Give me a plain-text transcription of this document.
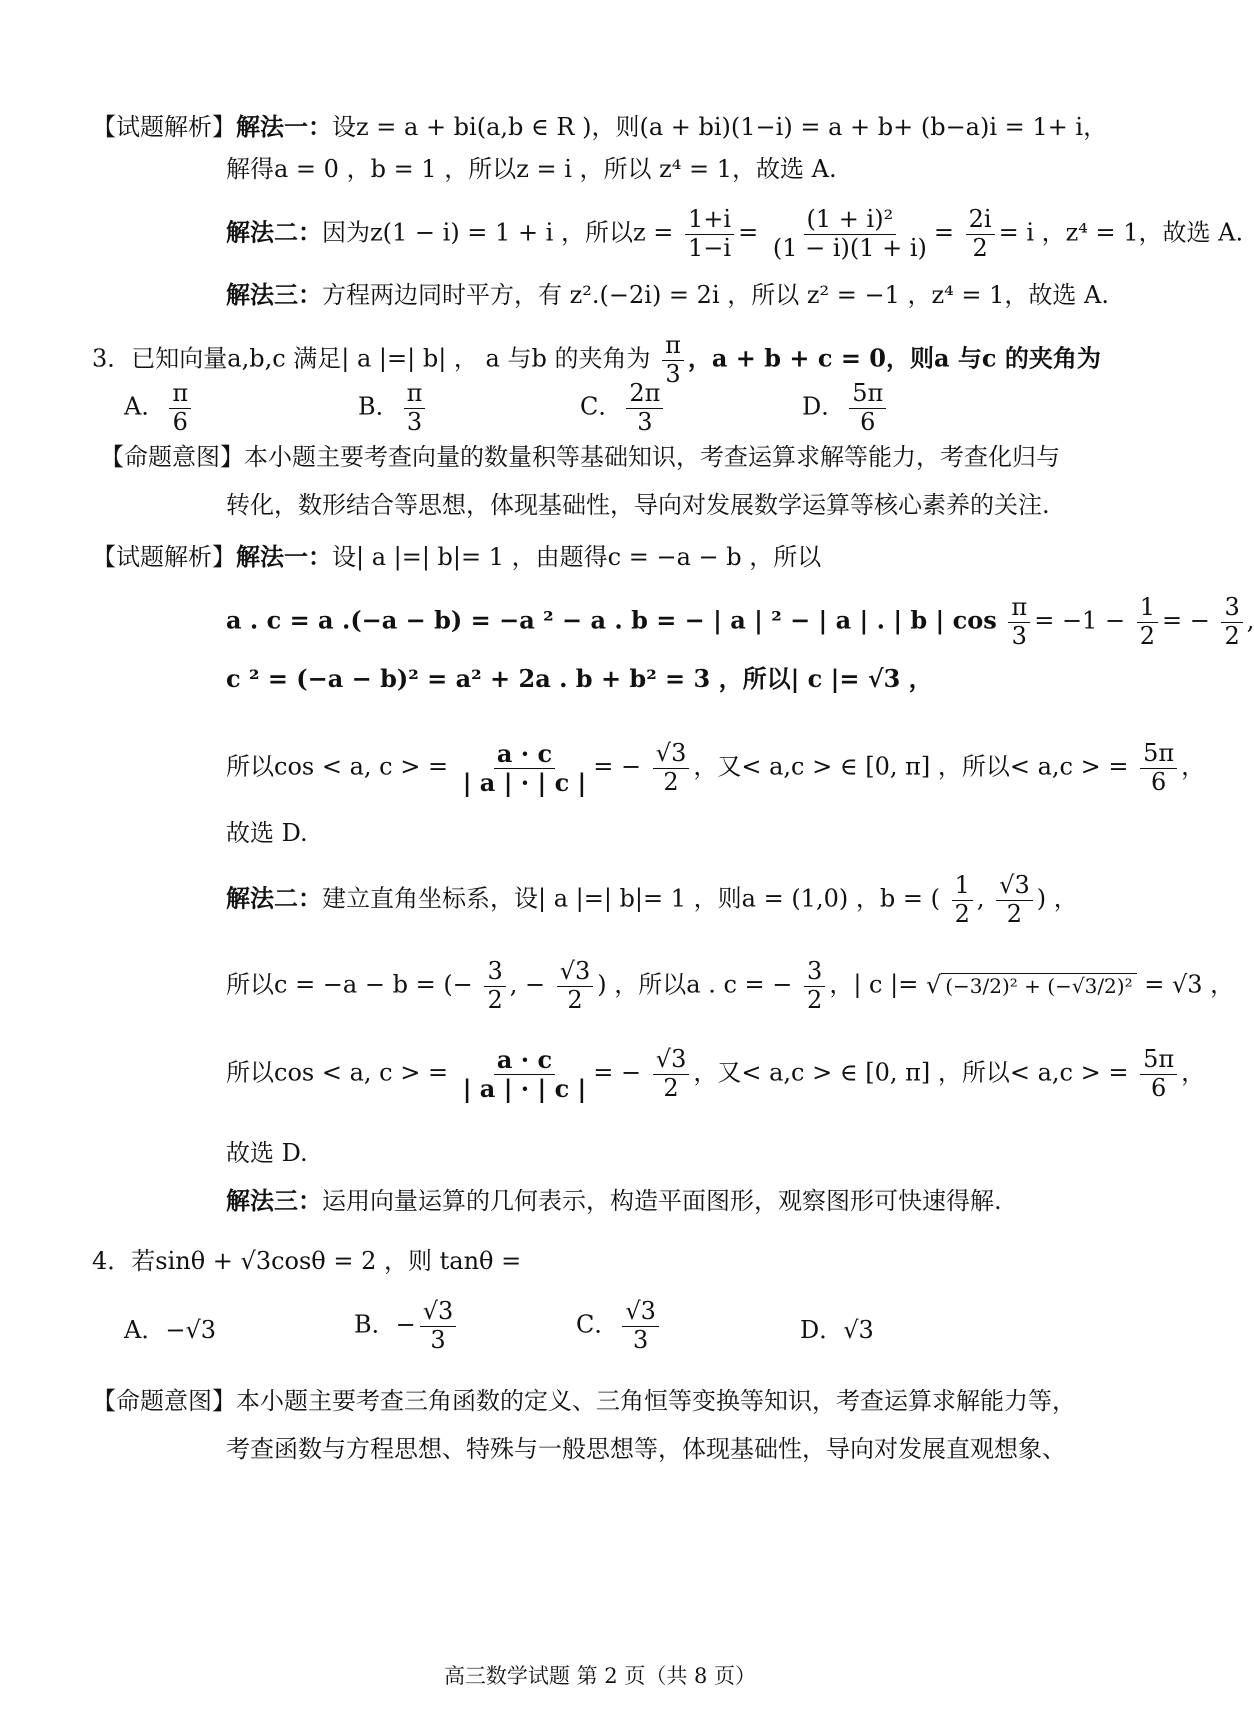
【试题解析】解法一：设z = a + bi(a,b ∈ R )，则(a + bi)(1−i) = a + b+ (b−a)i = 1+ i，
解得a = 0 ，b = 1 ，所以z = i ，所以 z⁴ = 1，故选 A.
解法二：因为z(1 − i) = 1 + i ，所以$z = \frac{1+i}{1-i} = \frac{\text{(1 + i)²}}{(1 - i)(1 + i)} = \frac{2i}{2} = i$ ，z⁴ = 1，故选 A.
解法三：方程两边同时平方，有 z².(−2i) = 2i ，所以 z² = −1 ，z⁴ = 1，故选 A.
3．已知向量a,b,c 满足| a |=| b| ， a 与b 的夹角为 $\frac{\pi}{3}$ ，a + b + c = 0，则a 与c 的夹角为
A． $\frac{\pi}{6}$	B． $\frac{\pi}{3}$	C． $\frac{2\pi}{3}$	D． $\frac{5\pi}{6}$
【命题意图】本小题主要考查向量的数量积等基础知识，考查运算求解等能力，考查化归与
转化，数形结合等思想，体现基础性，导向对发展数学运算等核心素养的关注.
【试题解析】解法一：设| a |=| b|= 1 ，由题得c = −a − b ，所以
a . c = a .(−a − b) = −a ² − a . b = − | a | ² − | a | . | b | $\cos \frac{\pi}{3} = -1 - \frac{1}{2}$ = − $\frac{3}{2}$ ,
c ² = (−a − b)² = a² + 2a . b + b² = 3 ，所以| c |= √3 ，
所以cos < a, c > = $\frac{a \cdot c}{| a | \cdot | c |}$ = − $\frac{√3}{2}$ ，又< a,c > ∈ [0, π] ，所以< a,c > = $\frac{5\pi}{6}$ ，
故选 D.
解法二：建立直角坐标系，设| a |=| b|= 1 ，则a = (1,0) ，b = ( $\frac{1}{2}$ , $\frac{√3}{2}$ ) ，
所以c = −a − b = (− $\frac{3}{2}$ , − $\frac{√3}{2}$ ) ，所以a . c = − $\frac{3}{2}$ ，| c |= √ (−3/2)² + (−√3/2)² = √3 ，
所以cos < a, c > = $\frac{a \cdot c}{| a | \cdot | c |}$ = − $\frac{√3}{2}$ ，又< a,c > ∈ [0, π] ，所以< a,c > = $\frac{5\pi}{6}$ ，
故选 D.
解法三：运用向量运算的几何表示，构造平面图形，观察图形可快速得解.
4．若sinθ + √3cosθ = 2 ，则 tanθ =
A．−√3	B．− $\frac{√3}{3}$	C． $\frac{√3}{3}$	D．√3
【命题意图】本小题主要考查三角函数的定义、三角恒等变换等知识，考查运算求解能力等，
考查函数与方程思想、特殊与一般思想等，体现基础性，导向对发展直观想象、
高三数学试题 第 2 页（共 8 页）
